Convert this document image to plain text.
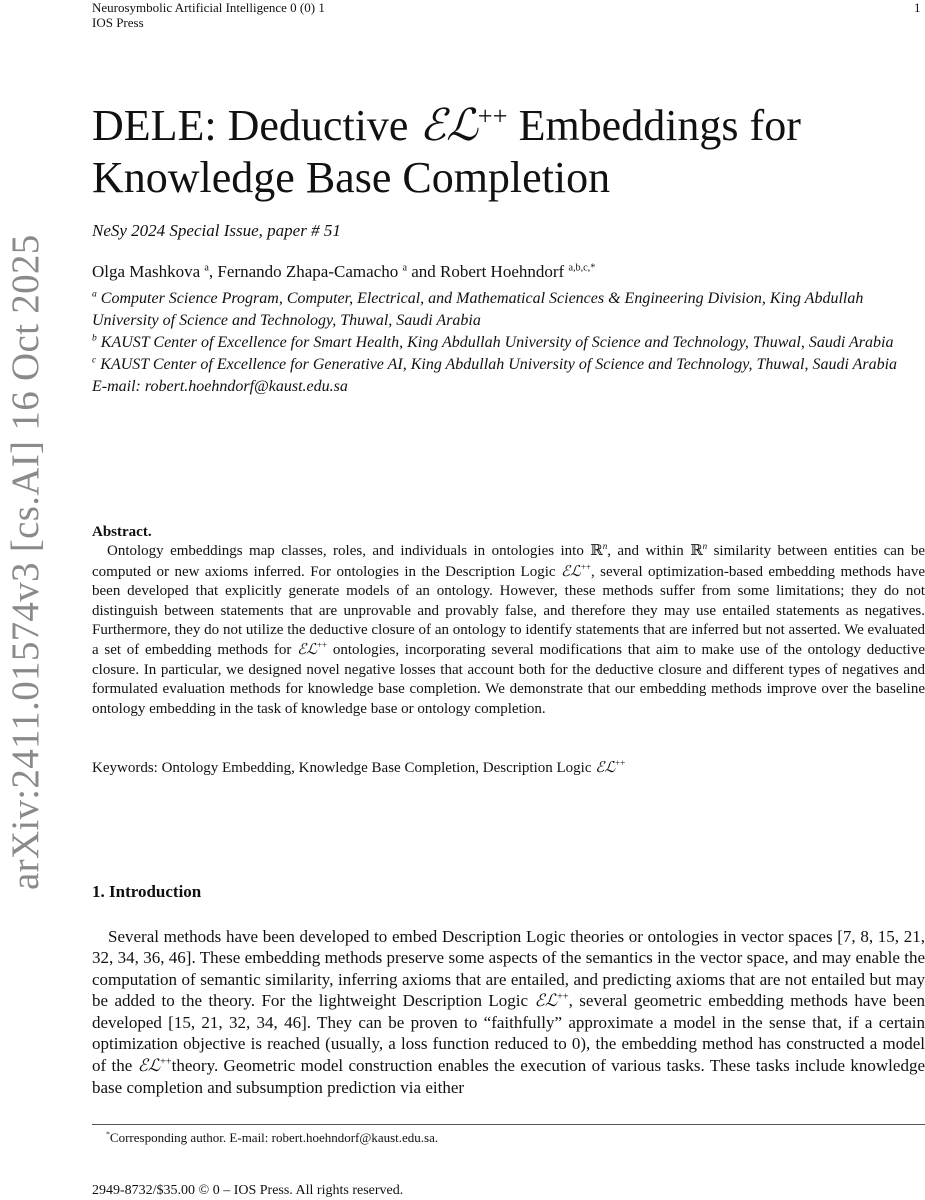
Neurosymbolic Artificial Intelligence 0 (0) 1
IOS Press
1
arXiv:2411.01574v3 [cs.AI] 16 Oct 2025
DELE: Deductive ℰℒ++ Embeddings for
Knowledge Base Completion
NeSy 2024 Special Issue, paper # 51
Olga Mashkova $^a$, Fernando Zhapa-Camacho $^a$ and Robert Hoehndorf $^{a,b,c,*}$

$^a$ Computer Science Program, Computer, Electrical, and Mathematical Sciences & Engineering Division, King Abdullah University of Science and Technology, Thuwal, Saudi Arabia

$^b$ KAUST Center of Excellence for Smart Health, King Abdullah University of Science and Technology, Thuwal, Saudi Arabia

$^c$ KAUST Center of Excellence for Generative AI, King Abdullah University of Science and Technology, Thuwal, Saudi Arabia

E-mail: robert.hoehndorf@kaust.edu.sa

Abstract.
Ontology embeddings map classes, roles, and individuals in ontologies into ℝ$^n$, and within ℝ$^n$ similarity between entities can be computed or new axioms inferred. For ontologies in the Description Logic ℰℒ++, several optimization-based embedding methods have been developed that explicitly generate models of an ontology. However, these methods suffer from some limitations; they do not distinguish between statements that are unprovable and provably false, and therefore they may use entailed statements as negatives. Furthermore, they do not utilize the deductive closure of an ontology to identify statements that are inferred but not asserted. We evaluated a set of embedding methods for ℰℒ++ ontologies, incorporating several modifications that aim to make use of the ontology deductive closure. In particular, we designed novel negative losses that account both for the deductive closure and different types of negatives and formulated evaluation methods for knowledge base completion. We demonstrate that our embedding methods improve over the baseline ontology embedding in the task of knowledge base or ontology completion.
Keywords: Ontology Embedding, Knowledge Base Completion, Description Logic ℰℒ++
1. Introduction
Several methods have been developed to embed Description Logic theories or ontologies in vector spaces [7, 8, 15, 21, 32, 34, 36, 46]. These embedding methods preserve some aspects of the semantics in the vector space, and may enable the computation of semantic similarity, inferring axioms that are entailed, and predicting axioms that are not entailed but may be added to the theory. For the lightweight Description Logic ℰℒ++, several geometric embedding methods have been developed [15, 21, 32, 34, 46]. They can be proven to “faithfully” approximate a model in the sense that, if a certain optimization objective is reached (usually, a loss function reduced to 0), the embedding method has constructed a model of the ℰℒ++theory. Geometric model construction enables the execution of various tasks. These tasks include knowledge base completion and subsumption prediction via either
*Corresponding author. E-mail: robert.hoehndorf@kaust.edu.sa.
2949-8732/$35.00 © 0 – IOS Press. All rights reserved.
